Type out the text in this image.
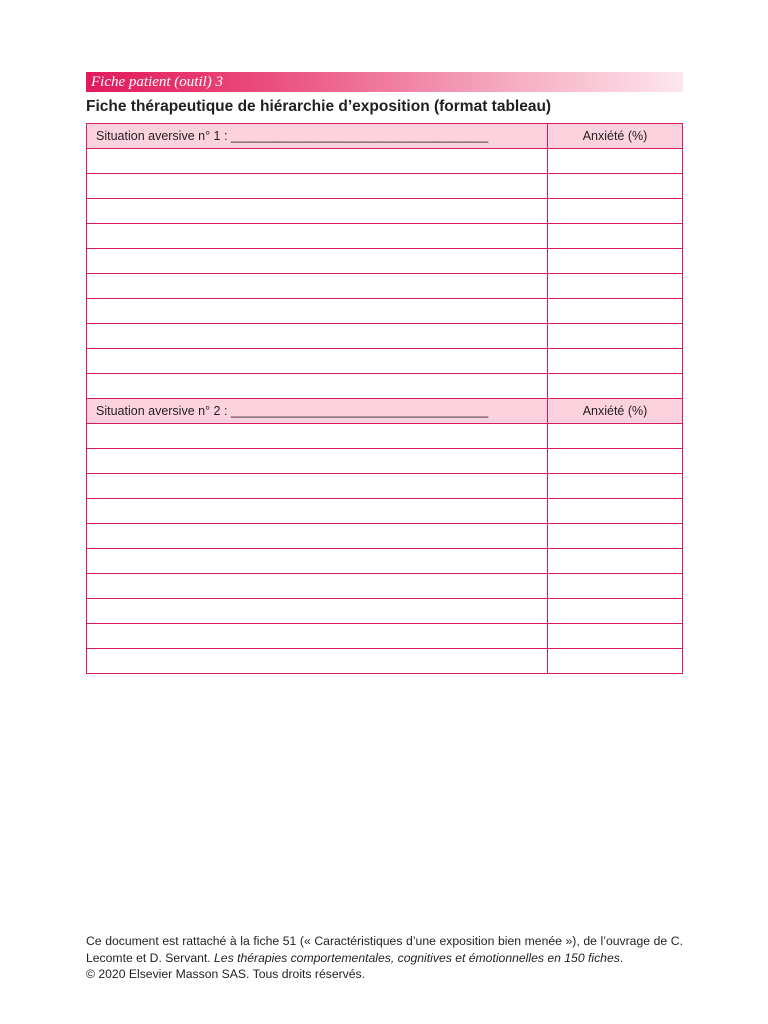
Fiche patient (outil) 3
Fiche thérapeutique de hiérarchie d’exposition (format tableau)
Situation aversive n° 1 : _____________________________________	Anxiété (%)

Situation aversive n° 2 : _____________________________________	Anxiété (%)

Ce document est rattaché à la fiche 51 (« Caractéristiques d’une exposition bien menée »), de l’ouvrage de C. Lecomte et D. Servant. Les thérapies comportementales, cognitives et émotionnelles en 150 fiches.

© 2020 Elsevier Masson SAS. Tous droits réservés.
